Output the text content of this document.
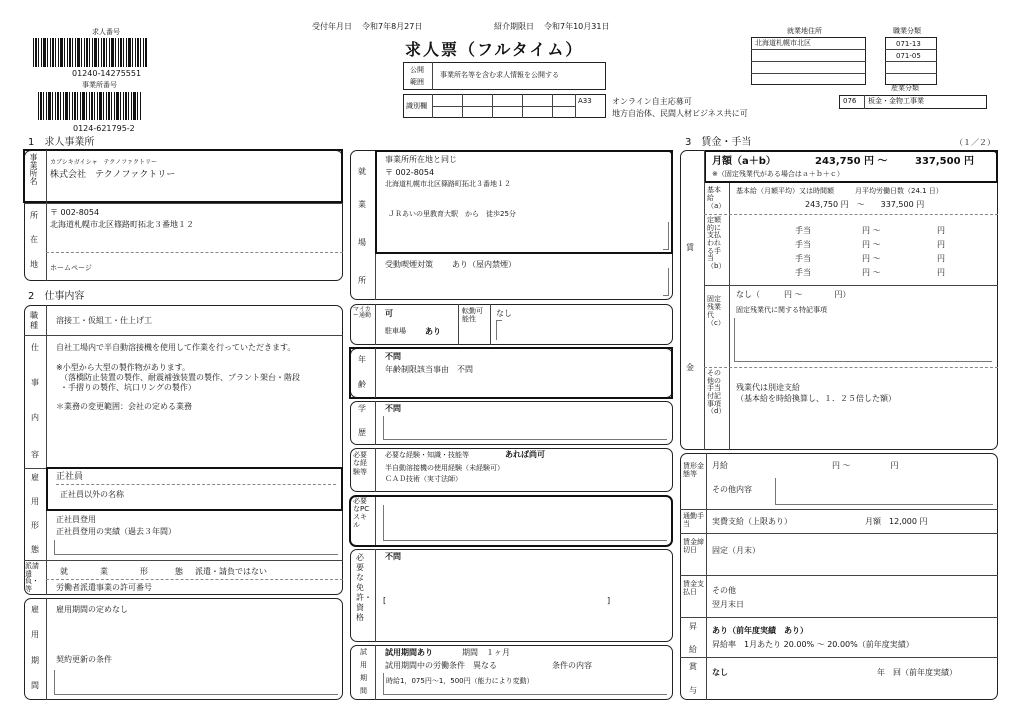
求人番号
01240-14275551
事業所番号
0124-621795-2
受付年月日 令和7年8月27日	紹介期限日 令和7年10月31日
求人票（フルタイム）
公開
範囲
事業所名等を含む求人情報を公開する
識別欄
A33	オンライン自主応募可
地方自治体、民間人材ビジネス共に可
就業地住所
北海道札幌市北区
職業分類
071-13
071-05
産業分類
076 板金・金物工事業
1　求人事業所
事業所名 カブシキガイシャ　テクノファクトリー
株式会社　テクノファクトリー
所
在
地
〒 002-8054
北海道札幌市北区篠路町拓北３番地１２
ホームページ
2　仕事内容
職種
溶接工・仮組工・仕上げ工
仕
事
内
容
自社工場内で半自動溶接機を使用して作業を行っていただきます。
※小型から大型の製作物があります。
（落橋防止装置の製作、耐震補強装置の製作、プラント架台・階段
・手摺りの製作、坑口リングの製作）
＊業務の変更範囲：会社の定める業務
雇
用
形
態
正社員
正社員以外の名称
正社員登用
正社員登用の実績（過去３年間）
派請遣負・等
就	業	形	態 派遣・請負ではない
労働者派遣事業の許可番号
雇
用
期
間
雇用期間の定めなし
契約更新の条件
就
業
場
所
事業所所在地と同じ
〒 002-8054
北海道札幌市北区篠路町拓北３番地１２
ＪＲあいの里教育大駅　から　徒歩25分
受動喫煙対策 あり（屋内禁煙）
マイカー通勤 可
駐車場 あり
転勤可能性
なし
年
齢
不問
年齢制限該当事由　不問
学
歴
不問
必要な経験等
必要な経験・知識・技能等	あれば尚可
半自動溶接機の使用経験（未経験可）
ＣＡＤ技術（実寸法師）
必要なPCスキル
必要な免許・資格
不問
[	]
試
用
期
間
試用期間あり	期間　１ヶ月
試用期間中の労働条件　異なる	条件の内容
時給1，075円～1，500円（能力により変動）
3　賃金・手当	（１／２）
月額（a＋b）	243,750 円 〜	337,500 円
※（固定残業代がある場合はａ＋ｂ＋ｃ）
賃
金
基本給（a）
基本給（月額平均）又は時間額	月平均労働日数（24.1 日）
243,750 円　〜　　337,500 円
定額的に支払われる手当（b）
手当	円 〜	円
手当	円 〜	円
手当	円 〜	円
手当	円 〜	円
固定残業代（c）
なし（　　　円 〜　　　　円）
固定残業代に関する特記事項
その他の手当付記事項（d）
残業代は別途支給
（基本給を時給換算し、１．２５倍した額）
賃形金態等
月給	円 〜　　　　　円
その他内容
通勤手当	実費支給（上限あり）	月額　12,000 円
賃金締切日	固定（月末）
賃金支払日	その他
翌月末日
昇
給
あり（前年度実績　あり）
昇給率　1月あたり 20.00% 〜 20.00%（前年度実績）
賞
与
なし	年　回（前年度実績）
